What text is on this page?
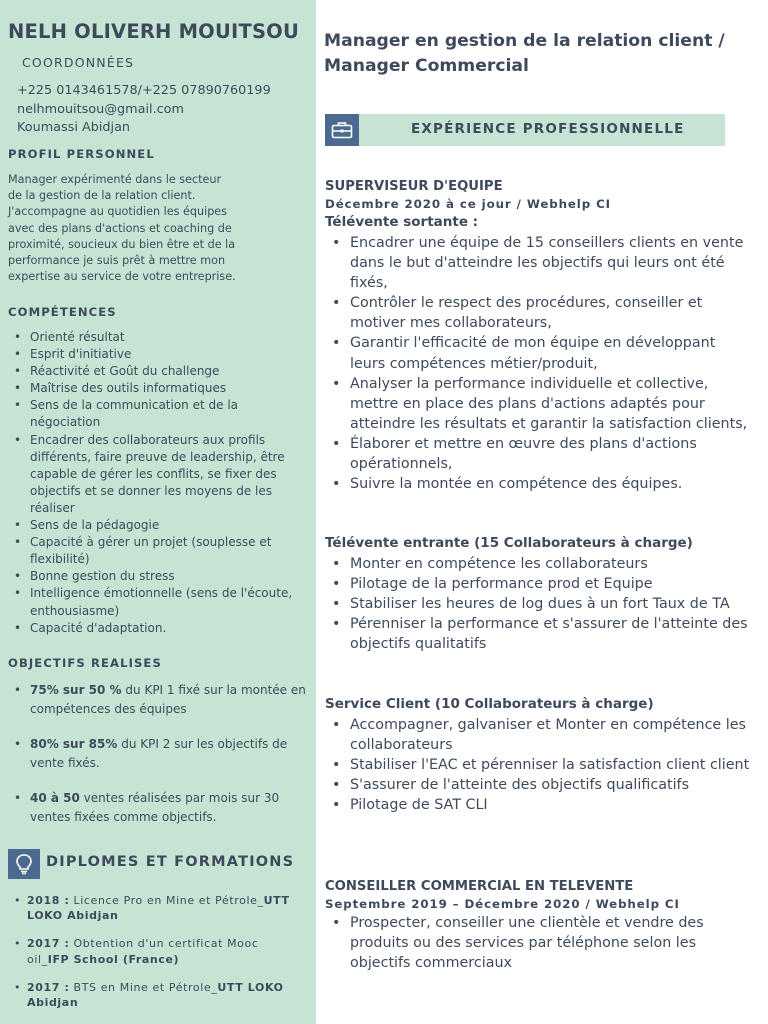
NELH OLIVERH MOUITSOU
COORDONNÉES
+225 0143461578/+225 07890760199
nelhmouitsou@gmail.com
Koumassi Abidjan
PROFIL PERSONNEL
Manager expérimenté dans le secteur
de la gestion de la relation client.
J'accompagne au quotidien les équipes
avec des plans d'actions et coaching de
proximité, soucieux du bien être et de la
performance je suis prêt à mettre mon
expertise au service de votre entreprise.
COMPÉTENCES
• Orienté résultat
• Esprit d'initiative
• Réactivité et Goût du challenge
• Maîtrise des outils informatiques
• Sens de la communication et de la négociation
• Encadrer des collaborateurs aux profils différents, faire preuve de leadership, être capable de gérer les conflits, se fixer des objectifs et se donner les moyens de les réaliser
• Sens de la pédagogie
• Capacité à gérer un projet (souplesse et flexibilité)
• Bonne gestion du stress
• Intelligence émotionnelle (sens de l'écoute, enthousiasme)
• Capacité d'adaptation.
OBJECTIFS REALISES
• 75% sur 50 % du KPI 1 fixé sur la montée en compétences des équipes
• 80% sur 85% du KPI 2 sur les objectifs de vente fixés.
• 40 à 50 ventes réalisées par mois sur 30 ventes fixées comme objectifs.
DIPLOMES ET FORMATIONS
• 2018 : Licence Pro en Mine et Pétrole_UTT LOKO Abidjan
• 2017 : Obtention d'un certificat Mooc oil_IFP School (France)
• 2017 : BTS en Mine et Pétrole_UTT LOKO Abidjan
Manager en gestion de la relation client /
Manager Commercial
EXPÉRIENCE PROFESSIONNELLE
SUPERVISEUR D'EQUIPE
Décembre 2020 à ce jour / Webhelp CI
Télévente sortante :
• Encadrer une équipe de 15 conseillers clients en vente dans le but d'atteindre les objectifs qui leurs ont été fixés,
• Contrôler le respect des procédures, conseiller et motiver mes collaborateurs,
• Garantir l'efficacité de mon équipe en développant leurs compétences métier/produit,
• Analyser la performance individuelle et collective, mettre en place des plans d'actions adaptés pour atteindre les résultats et garantir la satisfaction clients,
• Élaborer et mettre en œuvre des plans d'actions opérationnels,
• Suivre la montée en compétence des équipes.
Télévente entrante (15 Collaborateurs à charge)
• Monter en compétence les collaborateurs
• Pilotage de la performance prod et Equipe
• Stabiliser les heures de log dues à un fort Taux de TA
• Pérenniser la performance et s'assurer de l'atteinte des objectifs qualitatifs
Service Client (10 Collaborateurs à charge)
• Accompagner, galvaniser et Monter en compétence les collaborateurs
• Stabiliser l'EAC et pérenniser la satisfaction client client
• S'assurer de l'atteinte des objectifs qualificatifs
• Pilotage de SAT CLI
CONSEILLER COMMERCIAL EN TELEVENTE
Septembre 2019 – Décembre 2020 / Webhelp CI
• Prospecter, conseiller une clientèle et vendre des produits ou des services par téléphone selon les objectifs commerciaux
